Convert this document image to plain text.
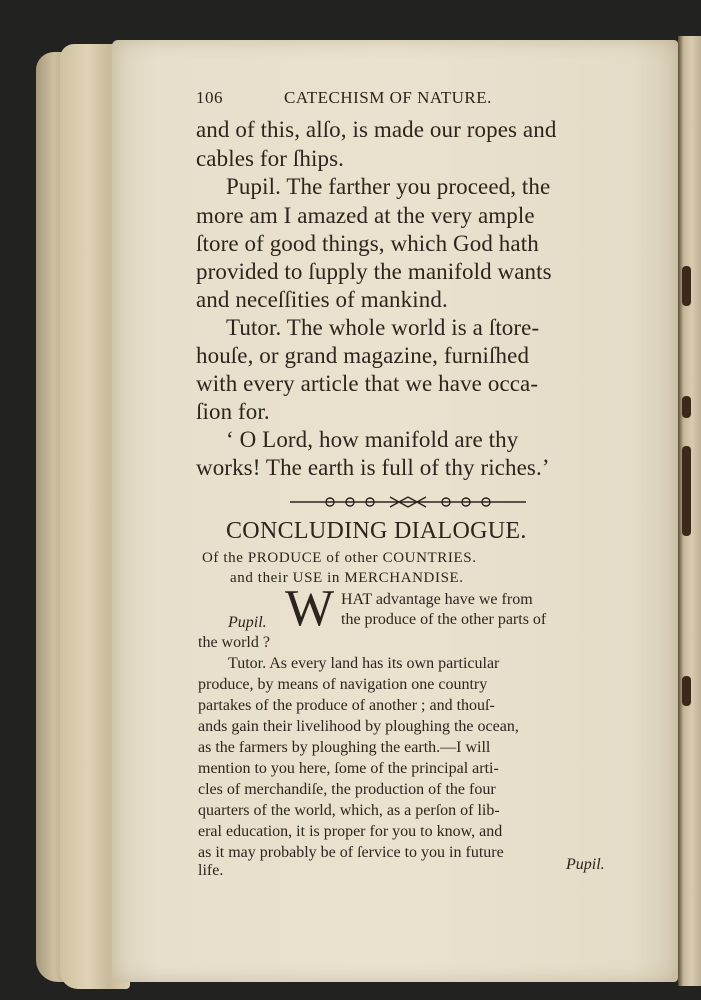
106	CATECHISM OF NATURE.
and of this, alſo, is made our ropes and
cables for ſhips.
Pupil. The farther you proceed, the
more am I amazed at the very ample
ſtore of good things, which God hath
provided to ſupply the manifold wants
and neceſſities of mankind.
Tutor. The whole world is a ſtore-
houſe, or grand magazine, furniſhed
with every article that we have occa-
ſion for.
‘ O Lord, how manifold are thy
works! The earth is full of thy riches.’
CONCLUDING DIALOGUE.
Of the PRODUCE of other COUNTRIES.
and their USE in MERCHANDISE.
W
Pupil.
HAT advantage have we from
the produce of the other parts of
the world ?
Tutor. As every land has its own particular
produce, by means of navigation one country
partakes of the produce of another ; and thouſ-
ands gain their livelihood by ploughing the ocean,
as the farmers by ploughing the earth.—I will
mention to you here, ſome of the principal arti-
cles of merchandiſe, the production of the four
quarters of the world, which, as a perſon of lib-
eral education, it is proper for you to know, and
as it may probably be of ſervice to you in future
life.	Pupil.
